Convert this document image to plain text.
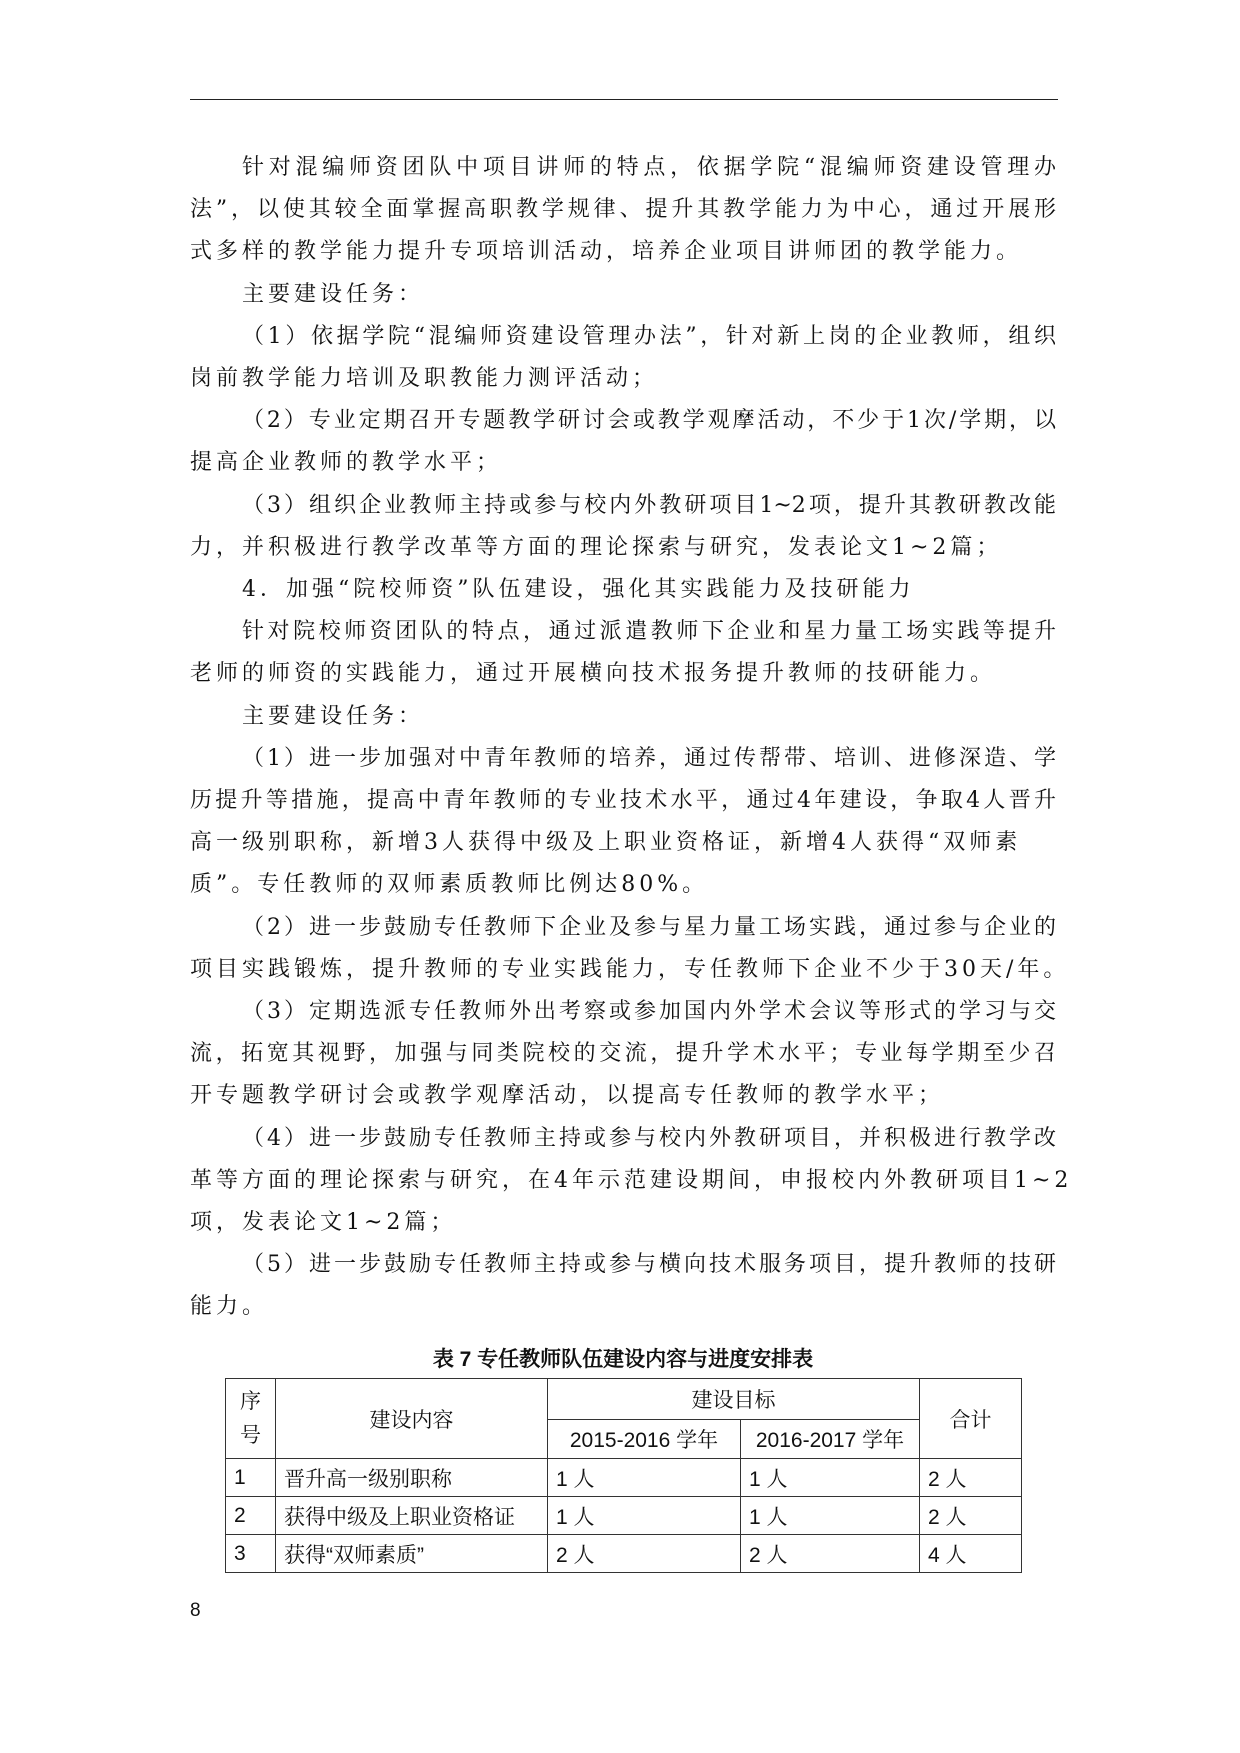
针对混编师资团队中项目讲师的特点，依据学院“混编师资建设管理办
法”，以使其较全面掌握高职教学规律、提升其教学能力为中心，通过开展形
式多样的教学能力提升专项培训活动，培养企业项目讲师团的教学能力。
主要建设任务：
（1）依据学院“混编师资建设管理办法”，针对新上岗的企业教师，组织
岗前教学能力培训及职教能力测评活动；
（2）专业定期召开专题教学研讨会或教学观摩活动，不少于1次/学期，以
提高企业教师的教学水平；
（3）组织企业教师主持或参与校内外教研项目1~2项，提升其教研教改能
力，并积极进行教学改革等方面的理论探索与研究，发表论文1~2篇；
4．加强“院校师资”队伍建设，强化其实践能力及技研能力
针对院校师资团队的特点，通过派遣教师下企业和星力量工场实践等提升
老师的师资的实践能力，通过开展横向技术报务提升教师的技研能力。
主要建设任务：
（1）进一步加强对中青年教师的培养，通过传帮带、培训、进修深造、学
历提升等措施，提高中青年教师的专业技术水平，通过4年建设，争取4人晋升
高一级别职称，新增3人获得中级及上职业资格证，新增4人获得“双师素
质”。专任教师的双师素质教师比例达80%。
（2）进一步鼓励专任教师下企业及参与星力量工场实践，通过参与企业的
项目实践锻炼，提升教师的专业实践能力，专任教师下企业不少于30天/年。
（3）定期选派专任教师外出考察或参加国内外学术会议等形式的学习与交
流，拓宽其视野，加强与同类院校的交流，提升学术水平；专业每学期至少召
开专题教学研讨会或教学观摩活动，以提高专任教师的教学水平；
（4）进一步鼓励专任教师主持或参与校内外教研项目，并积极进行教学改
革等方面的理论探索与研究，在4年示范建设期间，申报校内外教研项目1~2
项，发表论文1~2篇；
（5）进一步鼓励专任教师主持或参与横向技术服务项目，提升教师的技研
能力。
表 7 专任教师队伍建设内容与进度安排表
序号	建设内容	建设目标		合计
		2015-2016 学年	2016-2017 学年	
1	晋升高一级别职称	1 人	1 人	2 人
2	获得中级及上职业资格证	1 人	1 人	2 人
3	获得“双师素质”	2 人	2 人	4 人
8
